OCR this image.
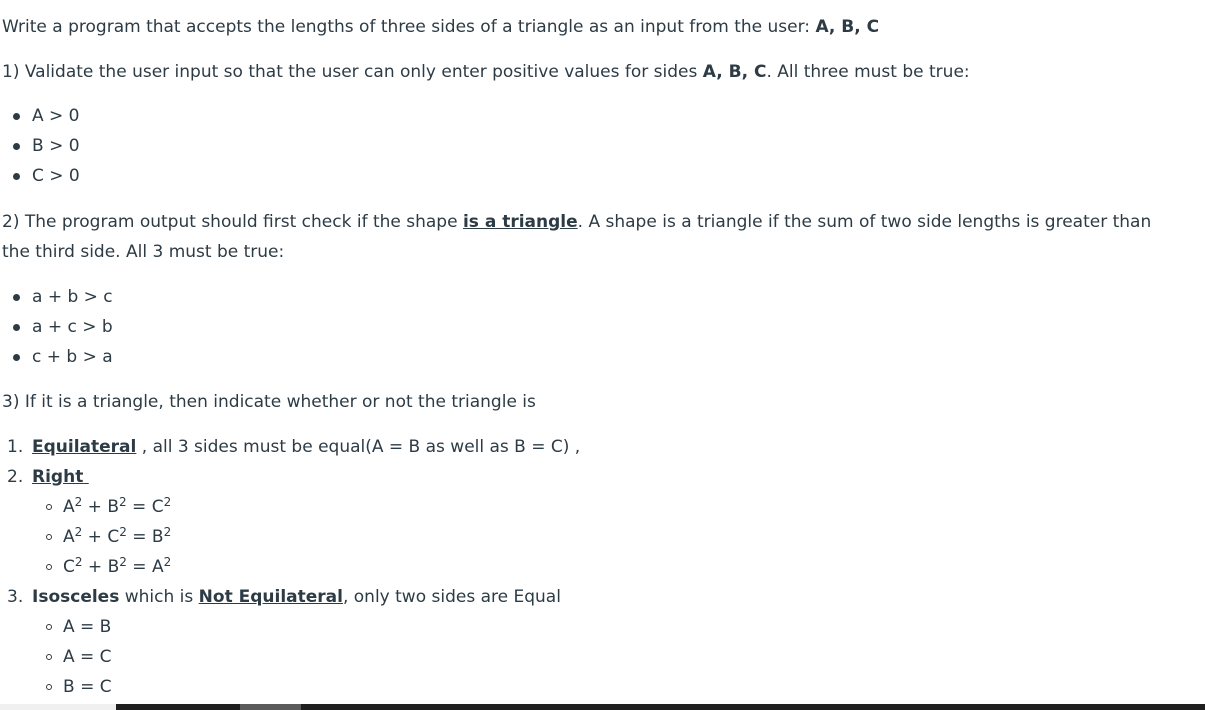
Write a program that accepts the lengths of three sides of a triangle as an input from the user: A, B, C

1) Validate the user input so that the user can only enter positive values for sides A, B, C. All three must be true:

A > 0
B > 0
C > 0

2) The program output should first check if the shape is a triangle. A shape is a triangle if the sum of two side lengths is greater than the third side. All 3 must be true:

a + b > c
a + c > b
c + b > a

3) If it is a triangle, then indicate whether or not the triangle is

1. Equilateral , all 3 sides must be equal(A = B as well as B = C) ,
2. Right
$A^2 + B^2 = C^2$
$A^2 + C^2 = B^2$
$C^2 + B^2 = A^2$
3. Isosceles which is Not Equilateral, only two sides are Equal
A = B
A = C
B = C
